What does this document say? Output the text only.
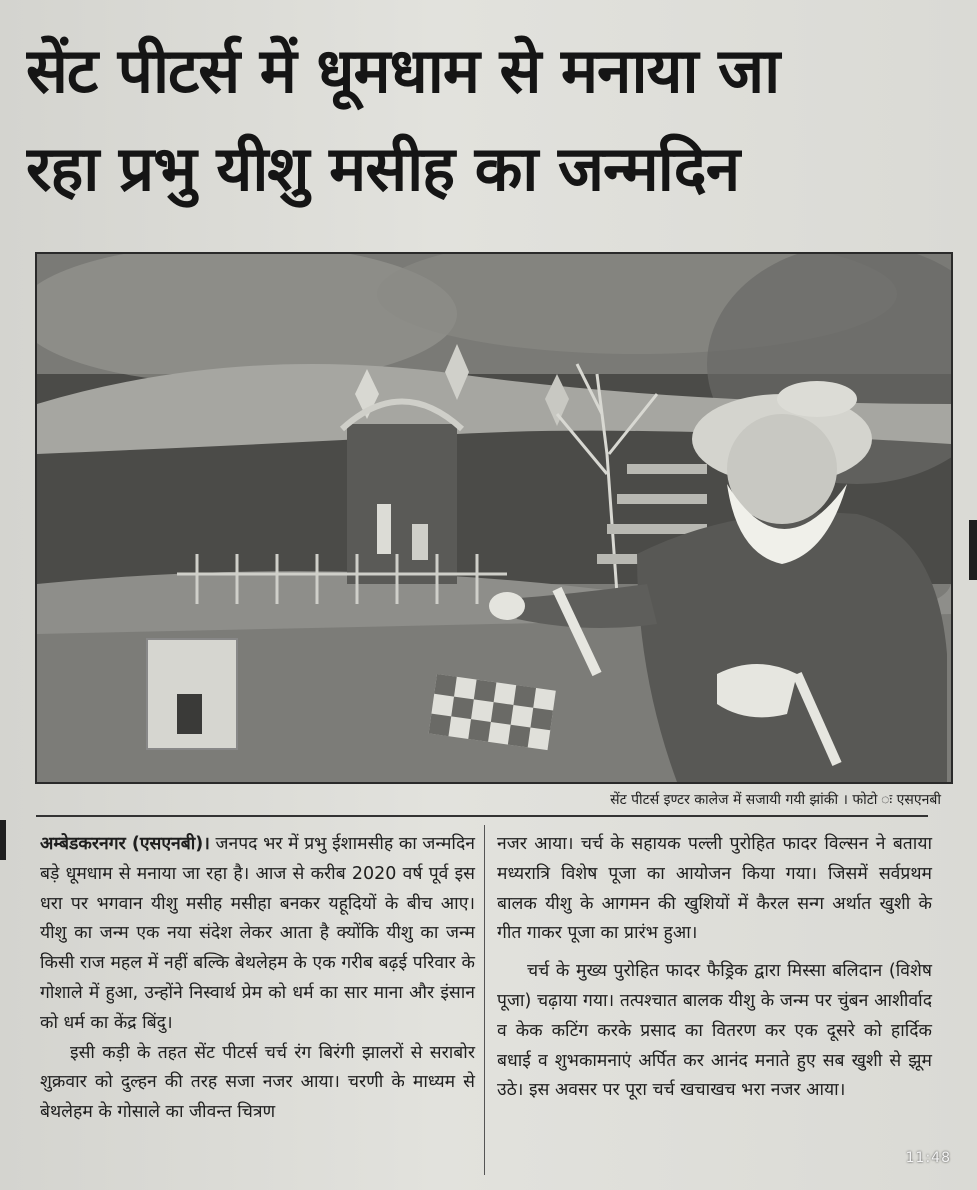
सेंट पीटर्स में धूमधाम से मनाया जा
रहा प्रभु यीशु मसीह का जन्मदिन
सेंट पीटर्स इण्टर कालेज में सजायी गयी झांकी । फोटो ः एसएनबी

अम्बेडकरनगर (एसएनबी)। जनपद भर में प्रभु ईशामसीह का जन्मदिन बड़े धूमधाम से मनाया जा रहा है। आज से करीब 2020 वर्ष पूर्व इस धरा पर भगवान यीशु मसीह मसीहा बनकर यहूदियों के बीच आए। यीशु का जन्म एक नया संदेश लेकर आता है क्योंकि यीशु का जन्म किसी राज महल में नहीं बल्कि बेथलेहम के एक गरीब बढ़ई परिवार के गोशाले में हुआ, उन्होंने निस्वार्थ प्रेम को धर्म का सार माना और इंसान को धर्म का केंद्र बिंदु।

इसी कड़ी के तहत सेंट पीटर्स चर्च रंग बिरंगी झालरों से सराबोर शुक्रवार को दुल्हन की तरह सजा नजर आया। चरणी के माध्यम से बेथलेहम के गोसाले का जीवन्त चित्रण

नजर आया। चर्च के सहायक पल्ली पुरोहित फादर विल्सन ने बताया मध्यरात्रि विशेष पूजा का आयोजन किया गया। जिसमें सर्वप्रथम बालक यीशु के आगमन की खुशियों में कैरल सन्ग अर्थात खुशी के गीत गाकर पूजा का प्रारंभ हुआ।

चर्च के मुख्य पुरोहित फादर फैड्रिक द्वारा मिस्सा बलिदान (विशेष पूजा) चढ़ाया गया। तत्पश्चात बालक यीशु के जन्म पर चुंबन आशीर्वाद व केक कटिंग करके प्रसाद का वितरण कर एक दूसरे को हार्दिक बधाई व शुभकामनाएं अर्पित कर आनंद मनाते हुए सब खुशी से झूम उठे। इस अवसर पर पूरा चर्च खचाखच भरा नजर आया।

11:48
